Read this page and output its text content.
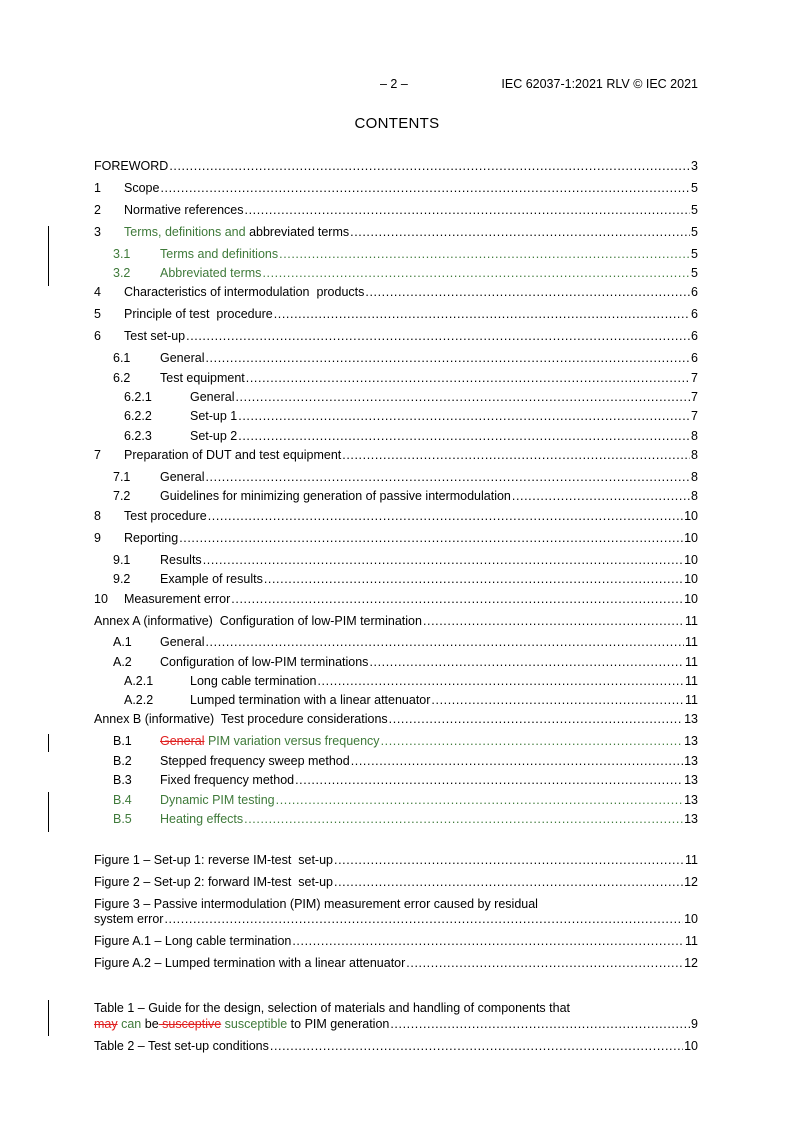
– 2 –	IEC 62037-1:2021 RLV © IEC 2021
CONTENTS
FOREWORD .....	3
1	Scope .....	5
2	Normative references .....	5
3	Terms, definitions and abbreviated terms .....	5
3.1	Terms and definitions .....	5
3.2	Abbreviated terms .....	5
4	Characteristics of intermodulation  products .....	6
5	Principle of test  procedure .....	6
6	Test set-up .....	6
6.1	General .....	6
6.2	Test equipment .....	7
6.2.1	General .....	7
6.2.2	Set-up 1 .....	7
6.2.3	Set-up 2 .....	8
7	Preparation of DUT and test equipment .....	8
7.1	General .....	8
7.2	Guidelines for minimizing generation of passive intermodulation .....	8
8	Test procedure .....	10
9	Reporting .....	10
9.1	Results .....	10
9.2	Example of results .....	10
10	Measurement error .....	10
Annex A (informative)  Configuration of low-PIM termination .....	11
A.1	General .....	11
A.2	Configuration of low-PIM terminations .....	11
A.2.1	Long cable termination .....	11
A.2.2	Lumped termination with a linear attenuator .....	11
Annex B (informative)  Test procedure considerations .....	13
B.1	General PIM variation versus frequency .....	13
B.2	Stepped frequency sweep method .....	13
B.3	Fixed frequency method .....	13
B.4	Dynamic PIM testing .....	13
B.5	Heating effects .....	13
Figure 1 – Set-up 1: reverse IM-test  set-up .....	11
Figure 2 – Set-up 2: forward IM-test  set-up .....	12
Figure 3 – Passive intermodulation (PIM) measurement error caused by residual
system error .....	10
Figure A.1 – Long cable termination .....	11
Figure A.2 – Lumped termination with a linear attenuator .....	12
Table 1 – Guide for the design, selection of materials and handling of components that
may can be susceptive susceptible to PIM generation .....	9
Table 2 – Test set-up conditions .....	10
